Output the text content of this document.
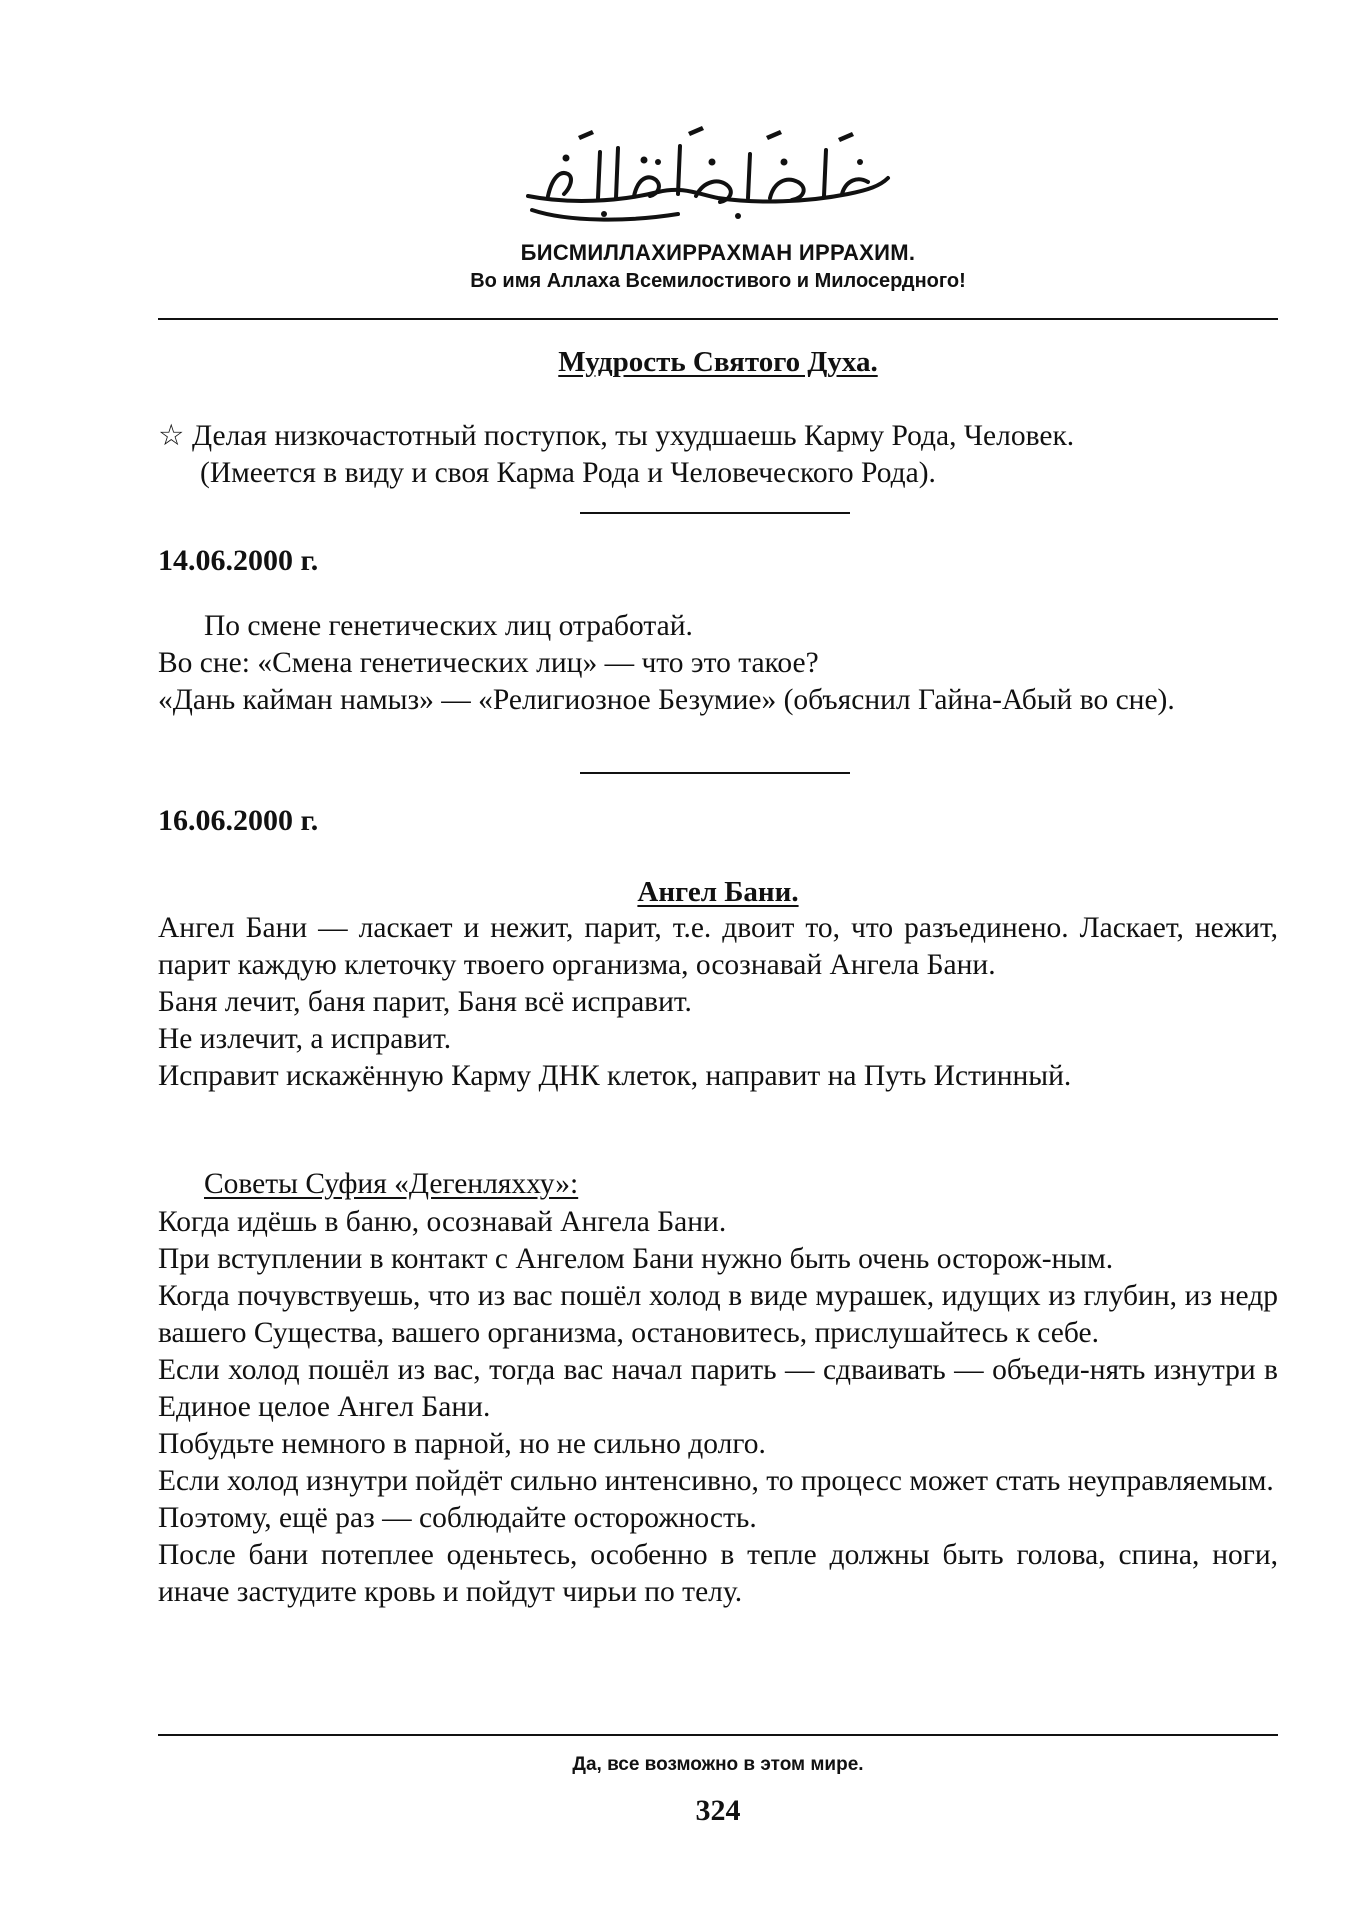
БИСМИЛЛАХИРРАХМАН ИРРАХИМ.
Во имя Аллаха Всемилостивого и Милосердного!
Мудрость Святого Духа.

☆ Делая низкочастотный поступок, ты ухудшаешь Карму Рода, Человек.

(Имеется в виду и своя Карма Рода и Человеческого Рода).

14.06.2000 г.

По смене генетических лиц отработай.

Во сне: «Смена генетических лиц» — что это такое?

«Дань кайман намыз» — «Религиозное Безумие» (объяснил Гайна-Абый во сне).

16.06.2000 г.
Ангел Бани.

Ангел Бани — ласкает и нежит, парит, т.е. двоит то, что разъединено. Ласкает, нежит, парит каждую клеточку твоего организма, осознавай Ангела Бани.

Баня лечит, баня парит, Баня всё исправит.

Не излечит, а исправит.

Исправит искажённую Карму ДНК клеток, направит на Путь Истинный.

Советы Суфия «Дегенляхху»:

Когда идёшь в баню, осознавай Ангела Бани.

При вступлении в контакт с Ангелом Бани нужно быть очень осторож-ным.

Когда почувствуешь, что из вас пошёл холод в виде мурашек, идущих из глубин, из недр вашего Существа, вашего организма, остановитесь, прислушайтесь к себе.

Если холод пошёл из вас, тогда вас начал парить — сдваивать — объеди-нять изнутри в Единое целое Ангел Бани.

Побудьте немного в парной, но не сильно долго.

Если холод изнутри пойдёт сильно интенсивно, то процесс может стать неуправляемым.

Поэтому, ещё раз — соблюдайте осторожность.

После бани потеплее оденьтесь, особенно в тепле должны быть голова, спина, ноги, иначе застудите кровь и пойдут чирьи по телу.

Да, все возможно в этом мире.
324
